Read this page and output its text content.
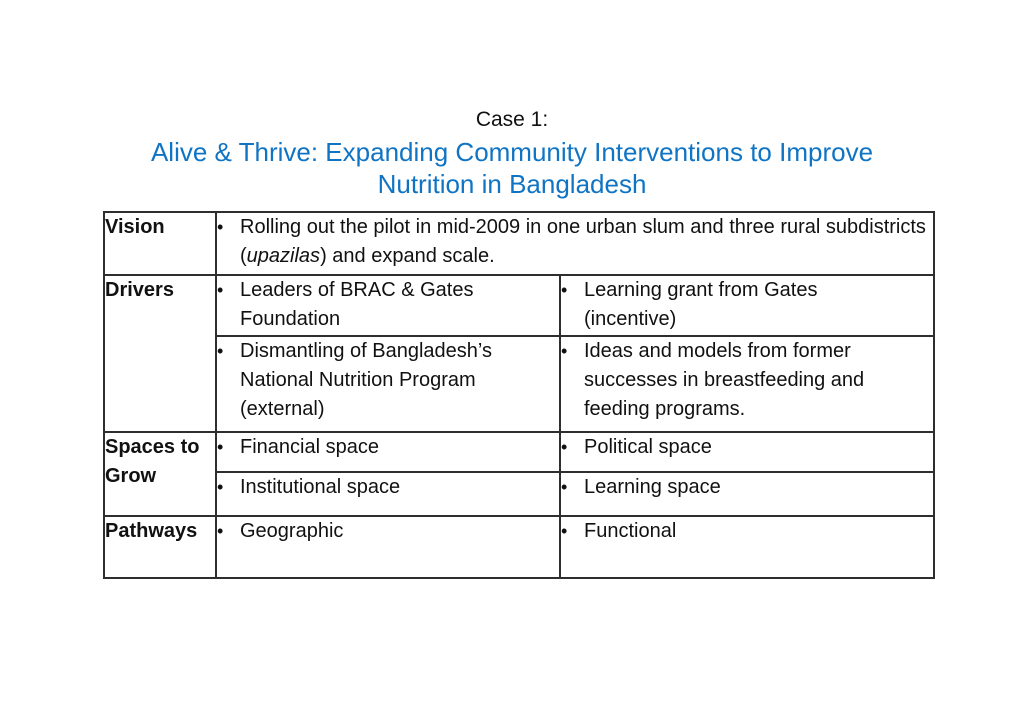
Case 1:
Alive & Thrive: Expanding Community Interventions to Improve
Nutrition in Bangladesh
Vision	• Rolling out the pilot in mid-2009 in one urban slum and three rural subdistricts (upazilas) and expand scale.	

Drivers	• Leaders of BRAC & Gates Foundation	• Learning grant from Gates (incentive)

	• Dismantling of Bangladesh’s National Nutrition Program (external)	• Ideas and models from former successes in breastfeeding and feeding programs.

Spaces to Grow	• Financial space	• Political space

	• Institutional space	• Learning space

Pathways	• Geographic	• Functional
